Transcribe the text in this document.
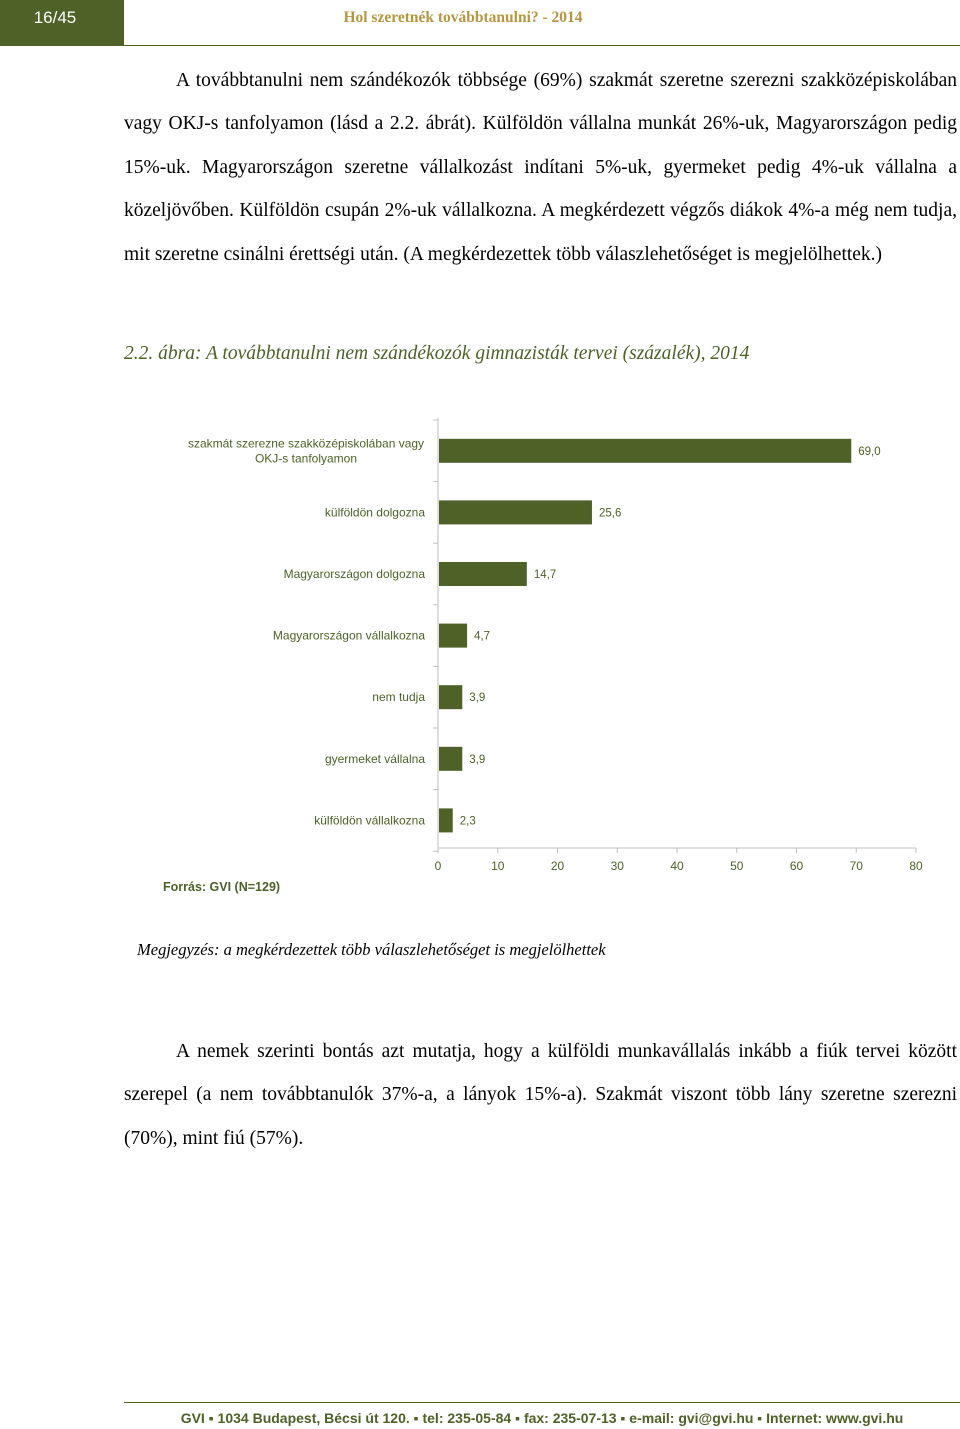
16/45	Hol szeretnék továbbtanulni? - 2014

A továbbtanulni nem szándékozók többsége (69%) szakmát szeretne szerezni szakközépiskolában vagy OKJ-s tanfolyamon (lásd a 2.2. ábrát). Külföldön vállalna munkát 26%-uk, Magyarországon pedig 15%-uk. Magyarországon szeretne vállalkozást indítani 5%-uk, gyermeket pedig 4%-uk vállalna a közeljövőben. Külföldön csupán 2%-uk vállalkozna. A megkérdezett végzős diákok 4%-a még nem tudja, mit szeretne csinálni érettségi után. (A megkérdezettek több válaszlehetőséget is megjelölhettek.)

2.2. ábra: A továbbtanulni nem szándékozók gimnazisták tervei (százalék), 2014

0	10	20	30	40	50	60	70	80
69,0
szakmát szerezne szakközépiskolában vagy
OKJ-s tanfolyamon
25,6
külföldön dolgozna
14,7
Magyarországon dolgozna
4,7
Magyarországon vállalkozna
3,9
nem tudja
3,9
gyermeket vállalna
2,3
külföldön vállalkozna
Forrás: GVI (N=129)
Megjegyzés: a megkérdezettek több válaszlehetőséget is megjelölhettek

A nemek szerinti bontás azt mutatja, hogy a külföldi munkavállalás inkább a fiúk tervei között szerepel (a nem továbbtanulók 37%-a, a lányok 15%-a). Szakmát viszont több lány szeretne szerezni (70%), mint fiú (57%).

GVI ▪ 1034 Budapest, Bécsi út 120. ▪ tel: 235-05-84 ▪ fax: 235-07-13 ▪ e-mail: gvi@gvi.hu ▪ Internet: www.gvi.hu
